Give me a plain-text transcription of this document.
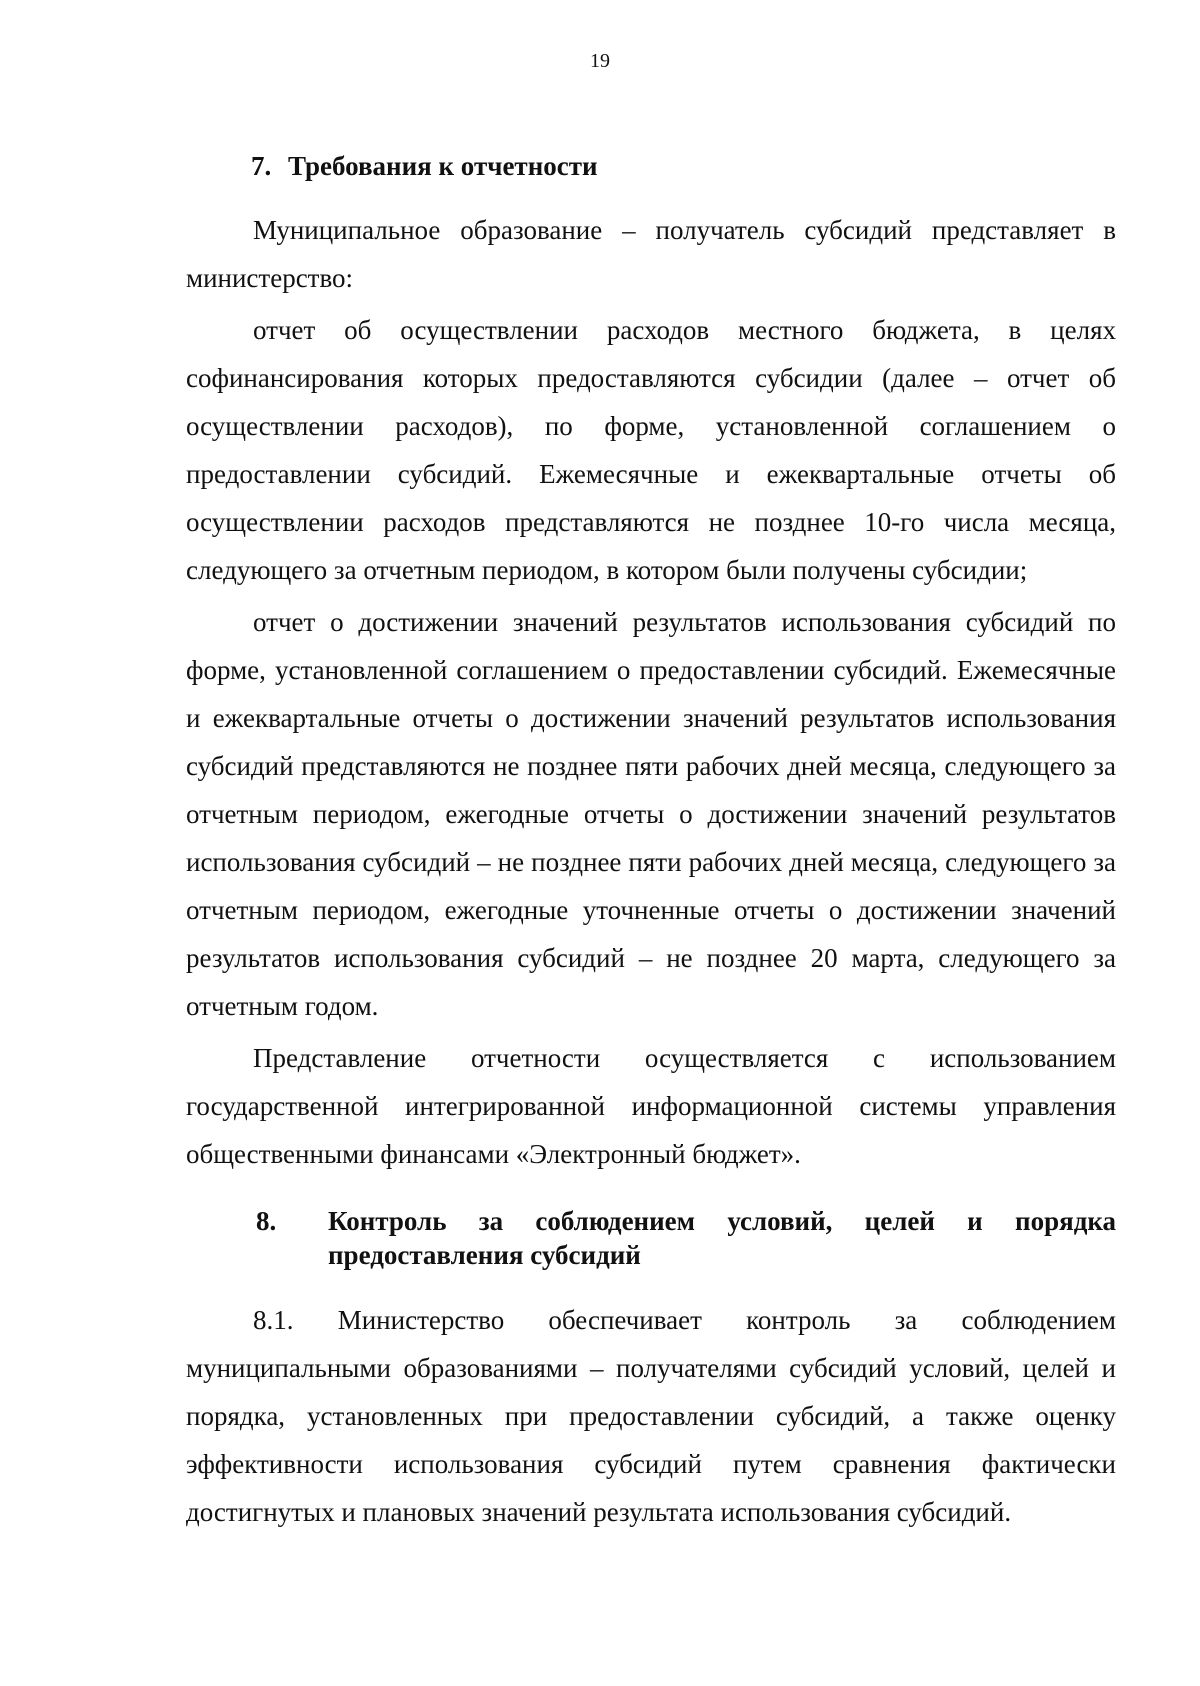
19
7. Требования к отчетности

Муниципальное образование – получатель субсидий представляет в министерство:

отчет об осуществлении расходов местного бюджета, в целях софинансирования которых предоставляются субсидии (далее – отчет об осуществлении расходов), по форме, установленной соглашением о предоставлении субсидий. Ежемесячные и ежеквартальные отчеты об осуществлении расходов представляются не позднее 10-го числа месяца, следующего за отчетным периодом, в котором были получены субсидии;

отчет о достижении значений результатов использования субсидий по форме, установленной соглашением о предоставлении субсидий. Ежемесячные и ежеквартальные отчеты о достижении значений результатов использования субсидий представляются не позднее пяти рабочих дней месяца, следующего за отчетным периодом, ежегодные отчеты о достижении значений результатов использования субсидий – не позднее пяти рабочих дней месяца, следующего за отчетным периодом, ежегодные уточненные отчеты о достижении значений результатов использования субсидий – не позднее 20 марта, следующего за отчетным годом.

Представление отчетности осуществляется с использованием государственной интегрированной информационной системы управления общественными финансами «Электронный бюджет».

8.	Контроль за соблюдением условий, целей и порядка
предоставления субсидий

8.1. Министерство обеспечивает контроль за соблюдением муниципальными образованиями – получателями субсидий условий, целей и порядка, установленных при предоставлении субсидий, а также оценку эффективности использования субсидий путем сравнения фактически достигнутых и плановых значений результата использования субсидий.
